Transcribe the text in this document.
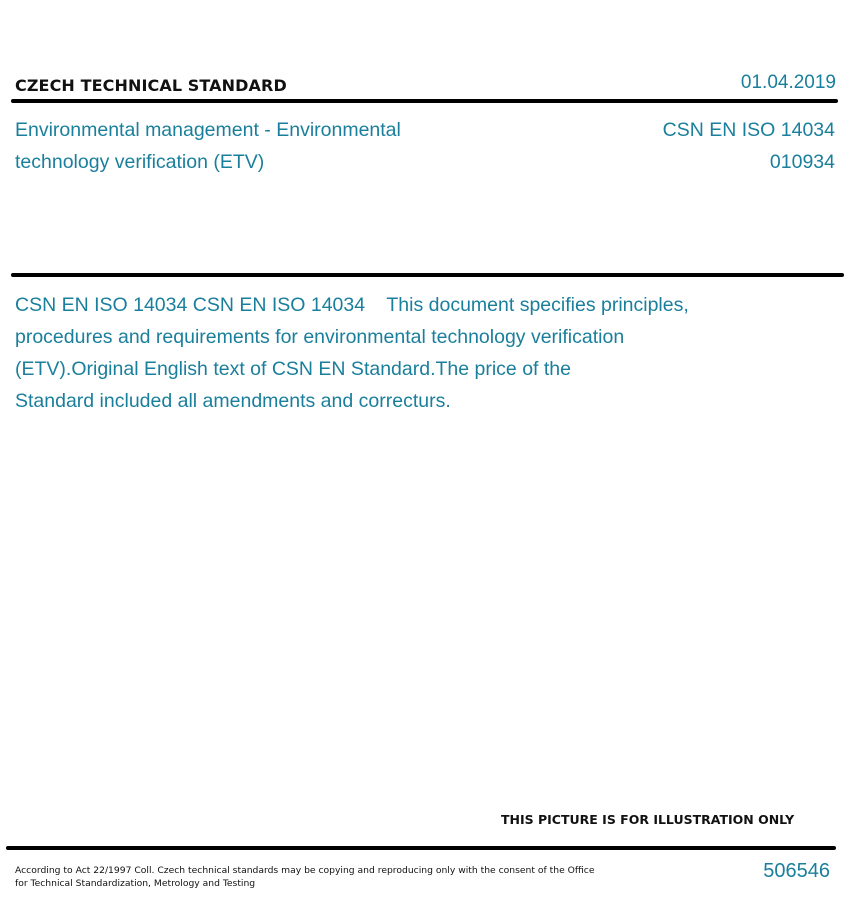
CZECH TECHNICAL STANDARD	01.04.2019
Environmental management - Environmental
technology verification (ETV)
CSN EN ISO 14034
010934
CSN EN ISO 14034 CSN EN ISO 14034    This document specifies principles,
procedures and requirements for environmental technology verification
(ETV).Original English text of CSN EN Standard.The price of the
Standard included all amendments and correcturs.
THIS PICTURE IS FOR ILLUSTRATION ONLY
According to Act 22/1997 Coll. Czech technical standards may be copying and reproducing only with the consent of the Office
for Technical Standardization, Metrology and Testing
506546
